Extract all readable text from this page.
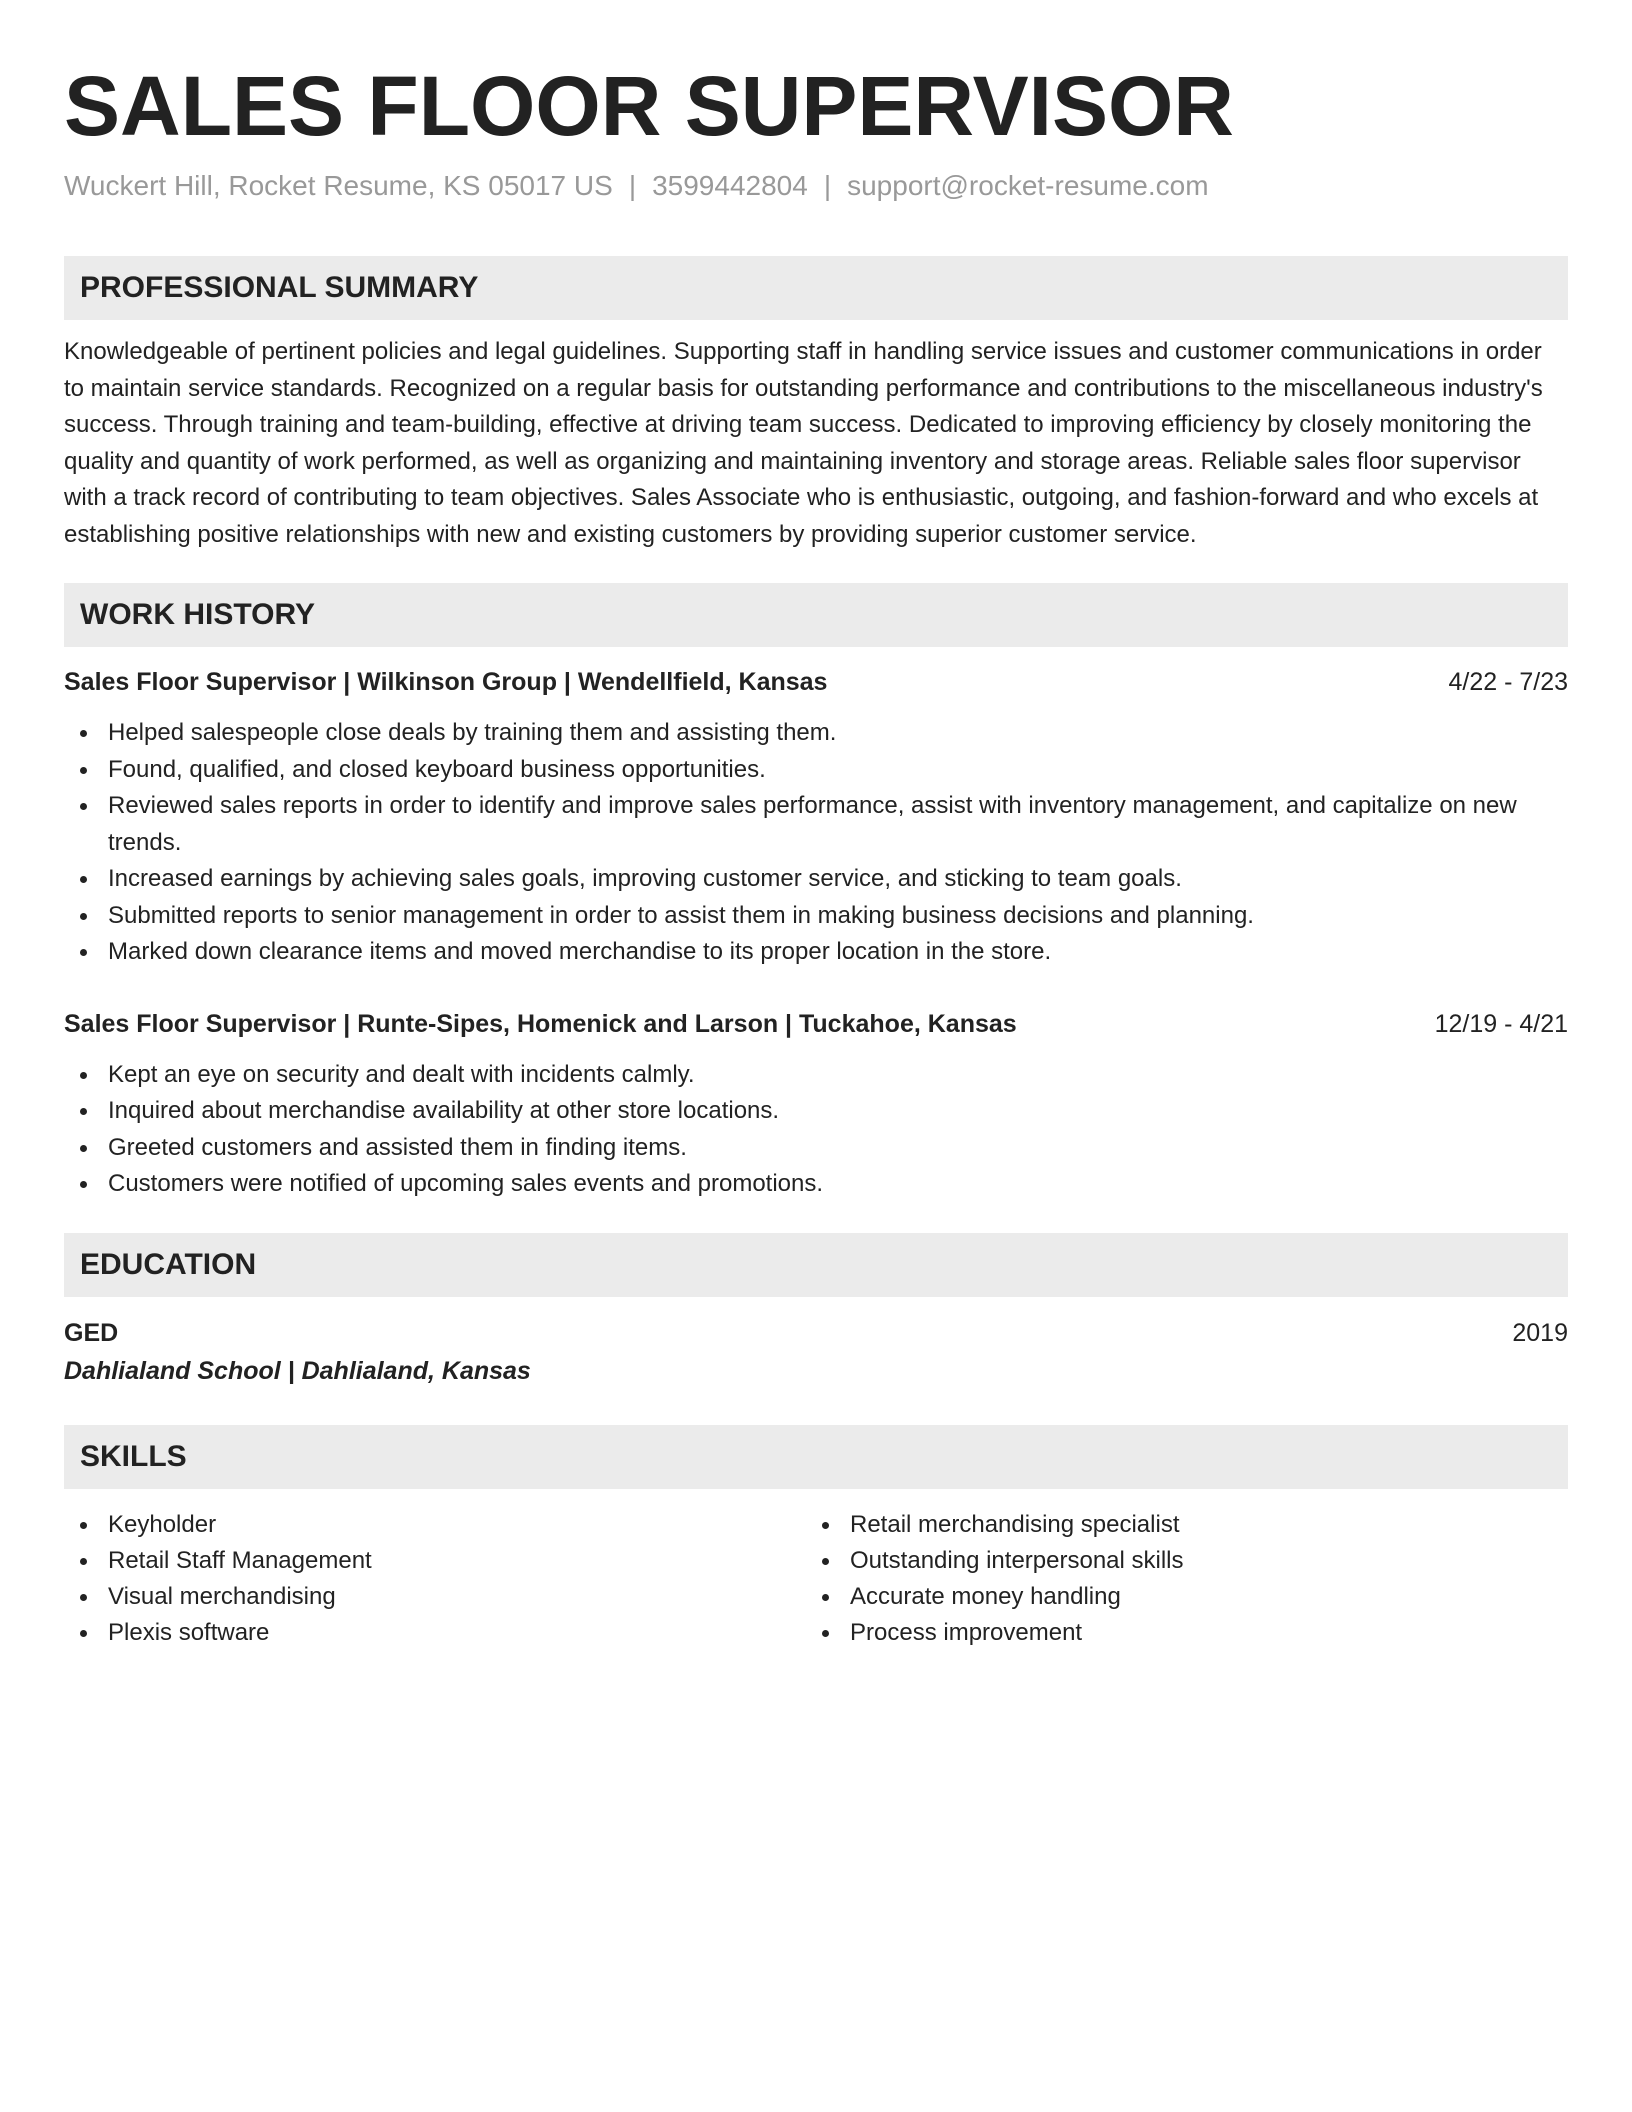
SALES FLOOR SUPERVISOR
Wuckert Hill, Rocket Resume, KS 05017 US | 3599442804 | support@rocket-resume.com
PROFESSIONAL SUMMARY

Knowledgeable of pertinent policies and legal guidelines. Supporting staff in handling service issues and customer communications in order to maintain service standards. Recognized on a regular basis for outstanding performance and contributions to the miscellaneous industry's success. Through training and team-building, effective at driving team success. Dedicated to improving efficiency by closely monitoring the quality and quantity of work performed, as well as organizing and maintaining inventory and storage areas. Reliable sales floor supervisor with a track record of contributing to team objectives. Sales Associate who is enthusiastic, outgoing, and fashion-forward and who excels at establishing positive relationships with new and existing customers by providing superior customer service.

WORK HISTORY
Sales Floor Supervisor | Wilkinson Group | Wendellfield, Kansas	4/22 - 7/23
Helped salespeople close deals by training them and assisting them.
Found, qualified, and closed keyboard business opportunities.
Reviewed sales reports in order to identify and improve sales performance, assist with inventory management, and capitalize on new trends.
Increased earnings by achieving sales goals, improving customer service, and sticking to team goals.
Submitted reports to senior management in order to assist them in making business decisions and planning.
Marked down clearance items and moved merchandise to its proper location in the store.
Sales Floor Supervisor | Runte-Sipes, Homenick and Larson | Tuckahoe, Kansas	12/19 - 4/21
Kept an eye on security and dealt with incidents calmly.
Inquired about merchandise availability at other store locations.
Greeted customers and assisted them in finding items.
Customers were notified of upcoming sales events and promotions.
EDUCATION
GED	2019
Dahlialand School | Dahlialand, Kansas
SKILLS
Keyholder
Retail Staff Management
Visual merchandising
Plexis software
Retail merchandising specialist
Outstanding interpersonal skills
Accurate money handling
Process improvement
